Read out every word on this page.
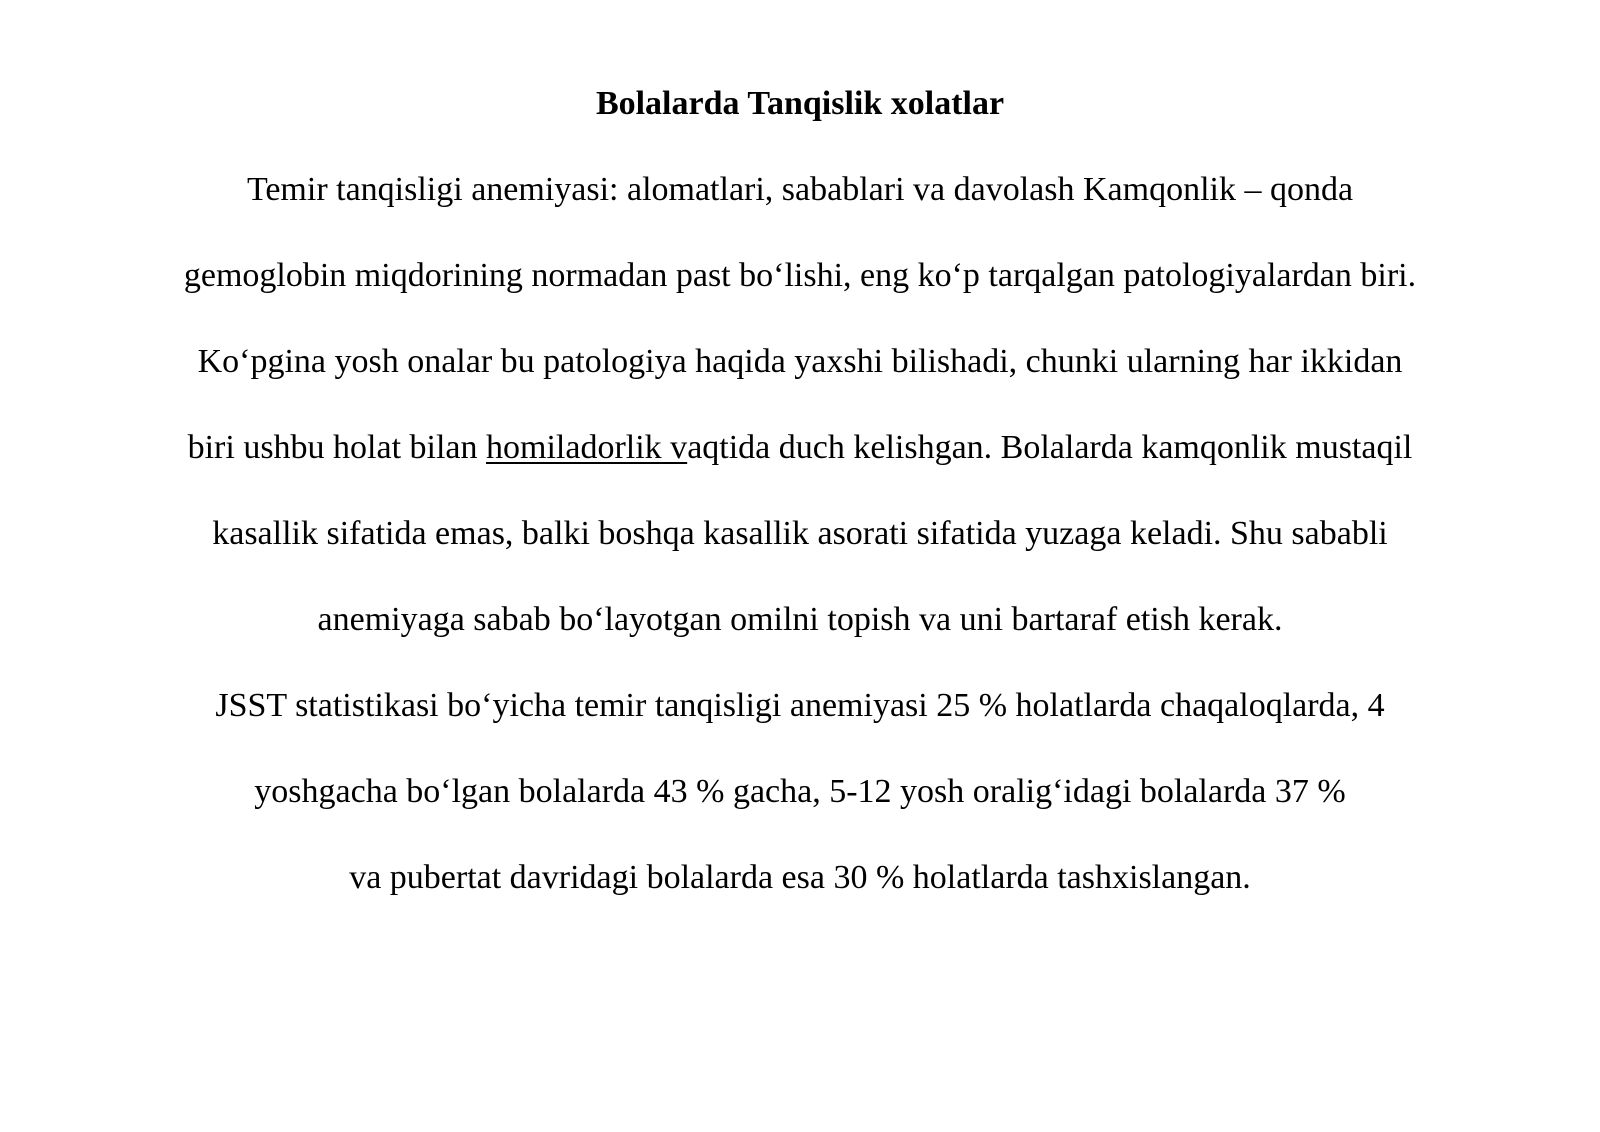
Bolalarda Tanqislik xolatlar

Temir tanqisligi anemiyasi: alomatlari, sabablari va davolash Kamqonlik – qonda

gemoglobin miqdorining normadan past bo‘lishi, eng ko‘p tarqalgan patologiyalardan biri.

Ko‘pgina yosh onalar bu patologiya haqida yaxshi bilishadi, chunki ularning har ikkidan

biri ushbu holat bilan homiladorlik vaqtida duch kelishgan. Bolalarda kamqonlik mustaqil

kasallik sifatida emas, balki boshqa kasallik asorati sifatida yuzaga keladi. Shu sababli

anemiyaga sabab bo‘layotgan omilni topish va uni bartaraf etish kerak.

JSST statistikasi bo‘yicha temir tanqisligi anemiyasi 25 % holatlarda chaqaloqlarda, 4

yoshgacha bo‘lgan bolalarda 43 % gacha, 5-12 yosh oralig‘idagi bolalarda 37 %

va pubertat davridagi bolalarda esa 30 % holatlarda tashxislangan.
